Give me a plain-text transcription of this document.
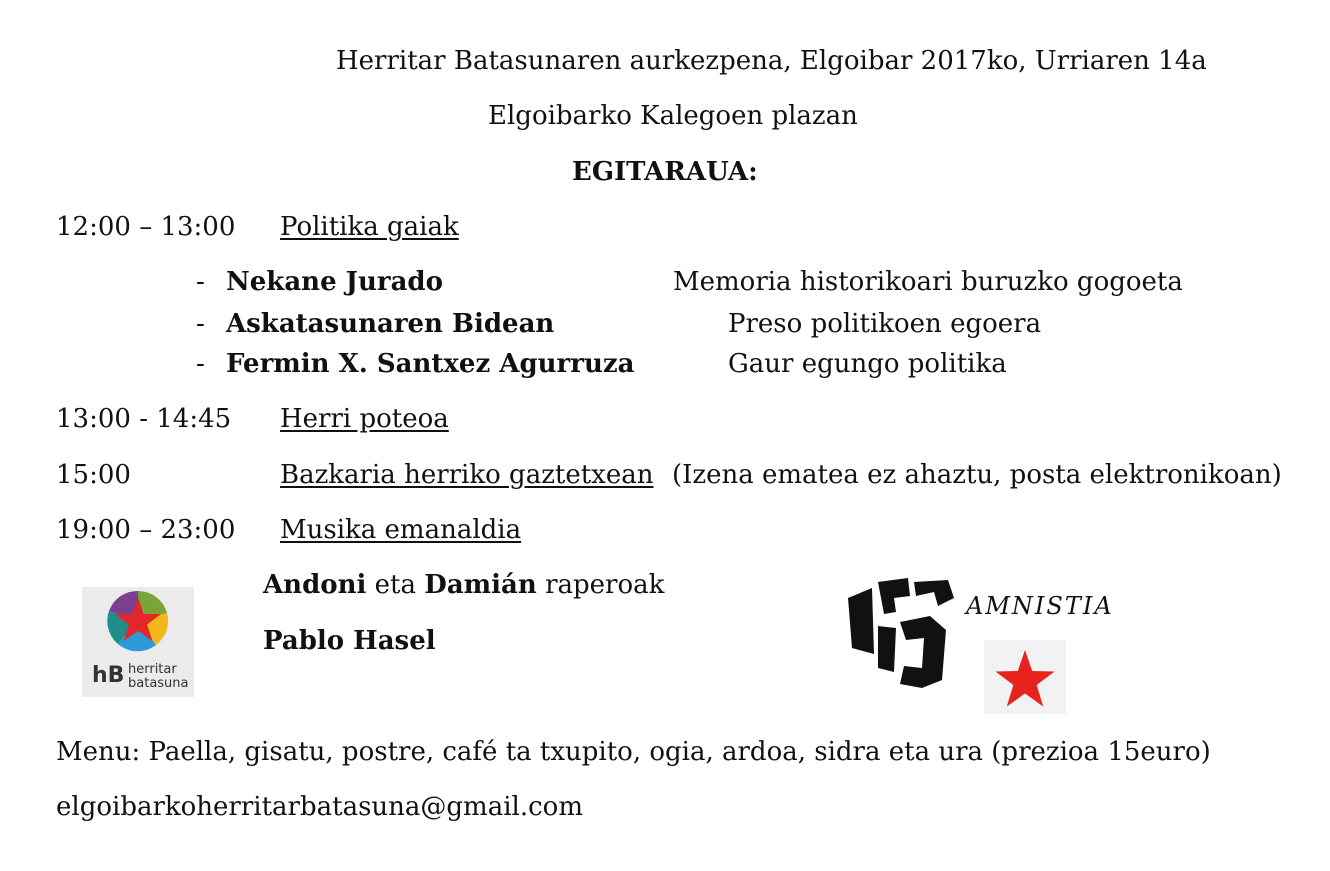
Herritar Batasunaren aurkezpena, Elgoibar 2017ko, Urriaren 14a
Elgoibarko Kalegoen plazan
EGITARAUA:
12:00 – 13:00 Politika gaiak
- Nekane Jurado	Memoria historikoari buruzko gogoeta
- Askatasunaren Bidean	Preso politikoen egoera
- Fermin X. Santxez Agurruza	Gaur egungo politika
13:00 - 14:45 Herri poteoa
15:00	Bazkaria herriko gaztetxean (Izena ematea ez ahaztu, posta elektronikoan)
19:00 – 23:00 Musika emanaldia
Andoni eta Damián raperoak
Pablo Hasel
hB herritar
batasuna
AMNISTIA
Menu: Paella, gisatu, postre, café ta txupito, ogia, ardoa, sidra eta ura (prezioa 15euro)
elgoibarkoherritarbatasuna@gmail.com
